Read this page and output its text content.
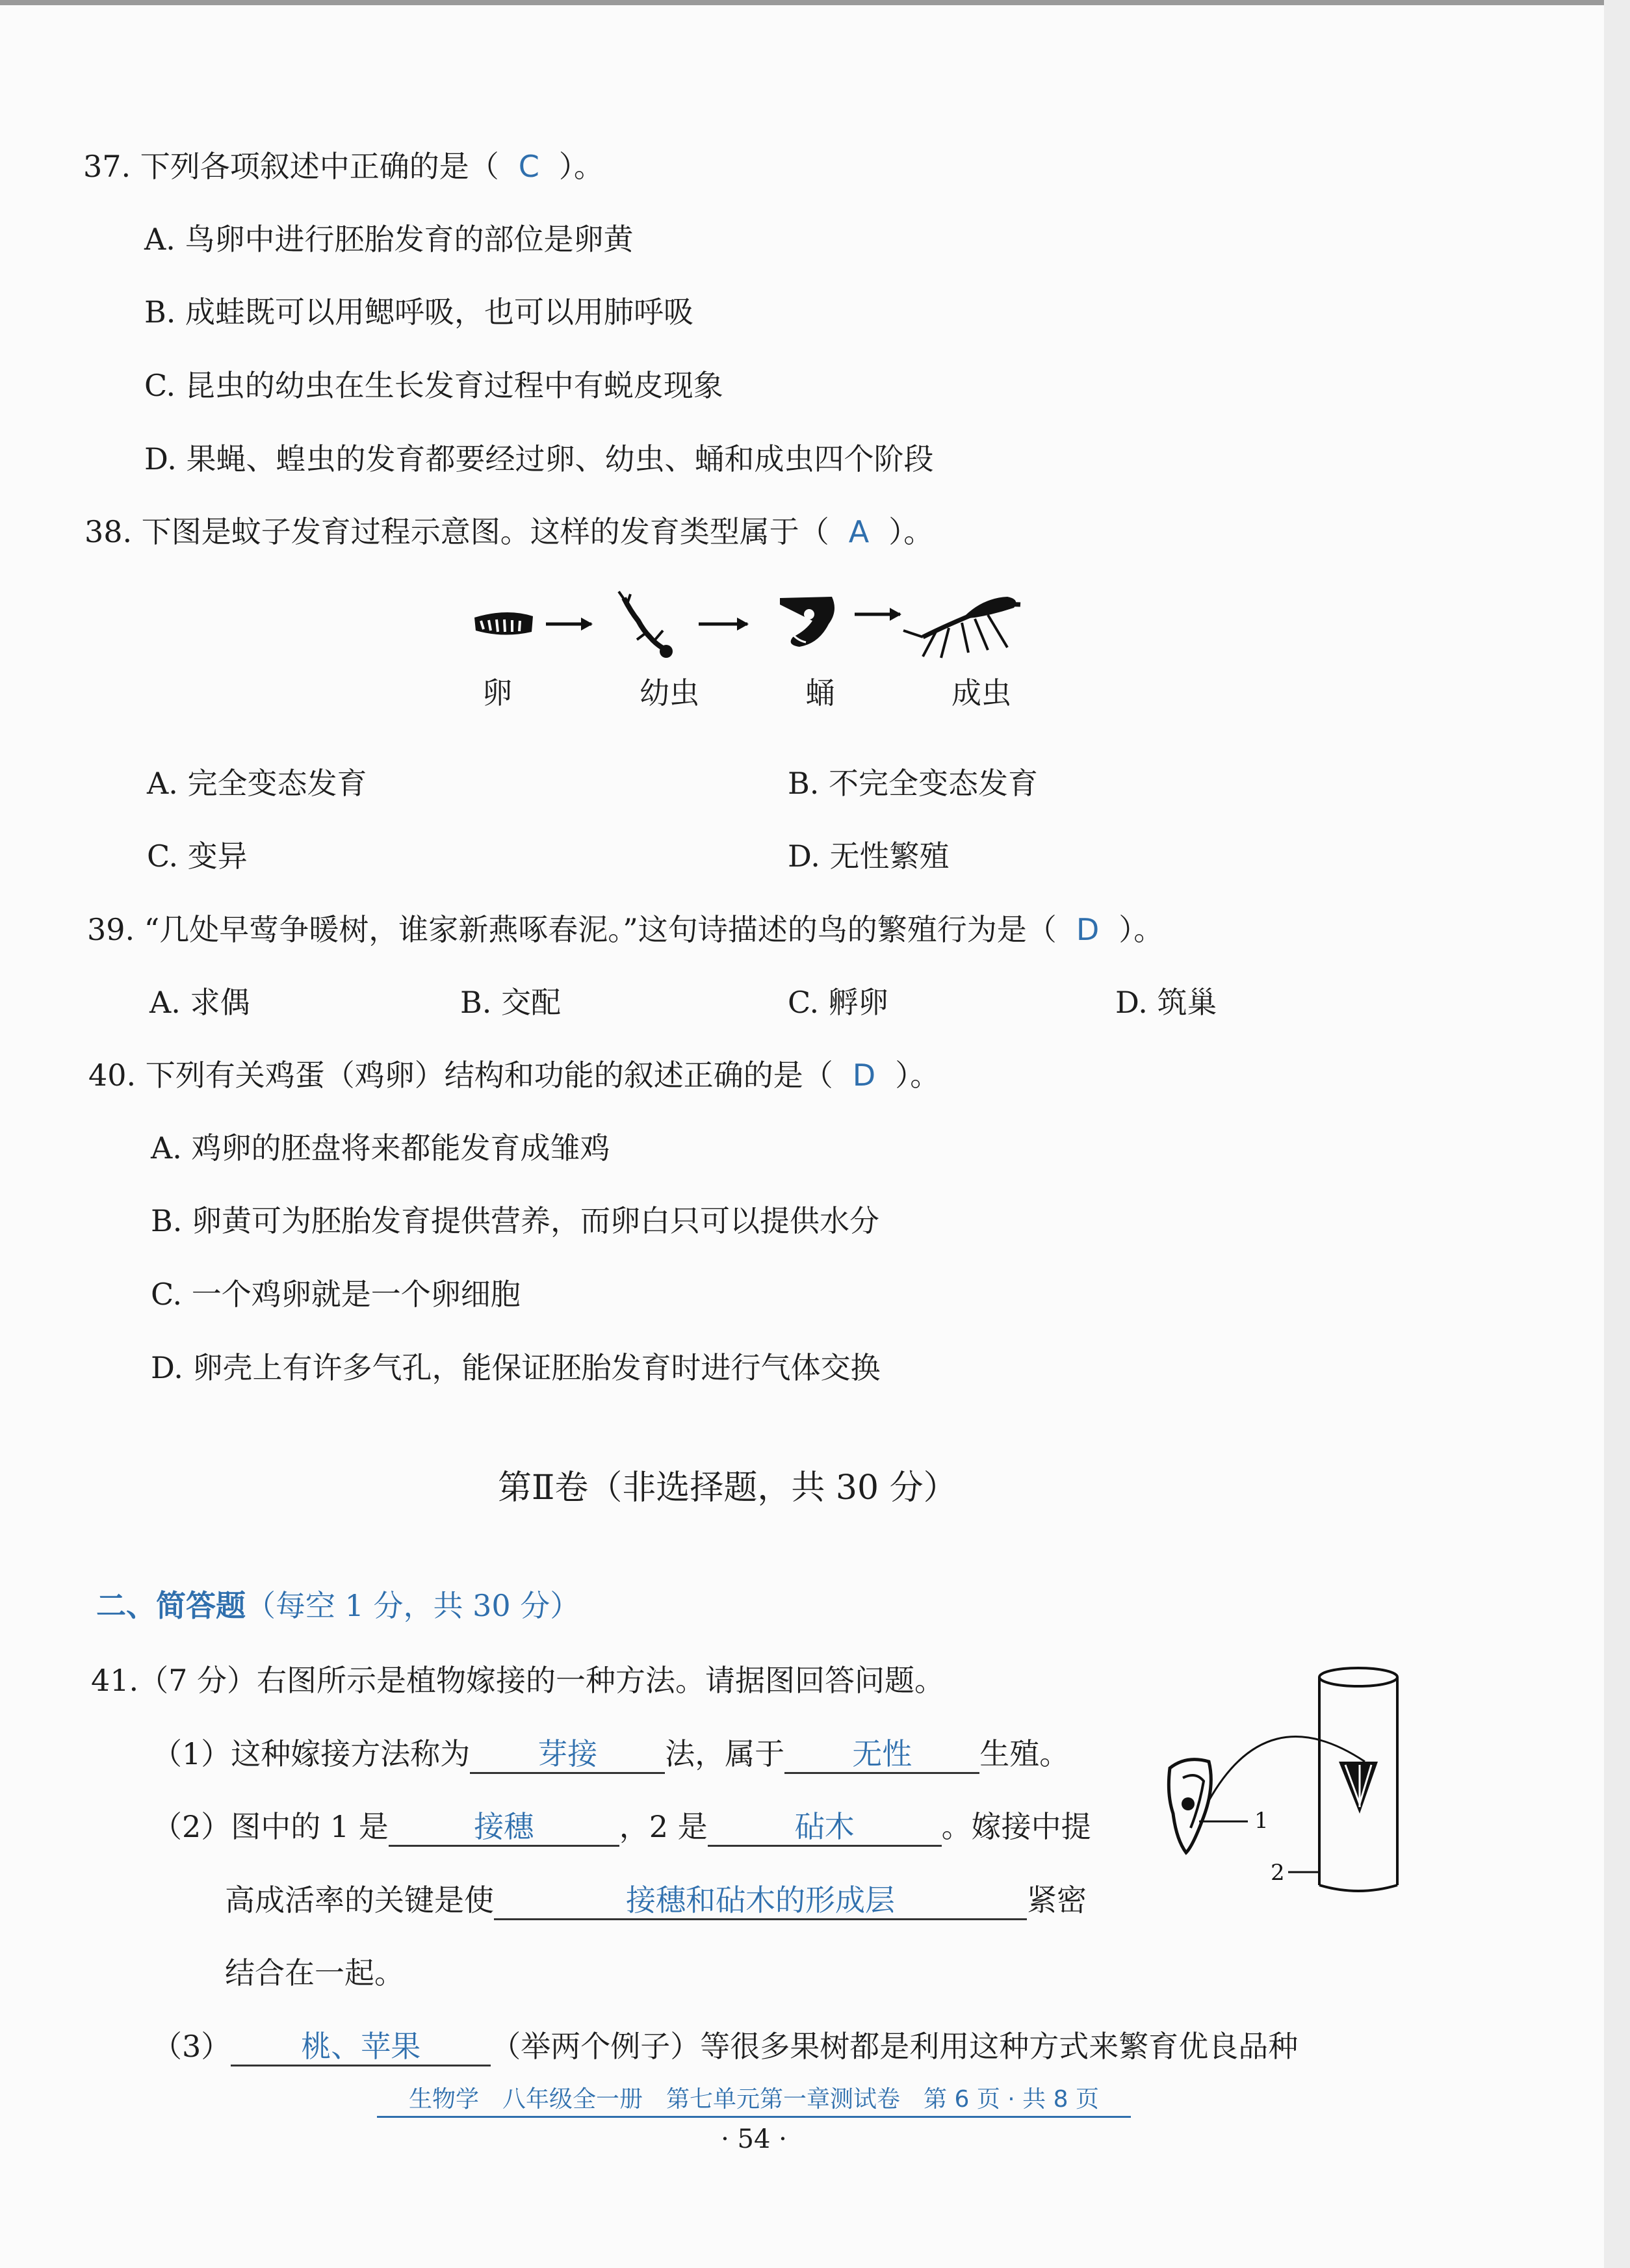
37. 下列各项叙述中正确的是（ C ）。
A. 鸟卵中进行胚胎发育的部位是卵黄
B. 成蛙既可以用鳃呼吸，也可以用肺呼吸
C. 昆虫的幼虫在生长发育过程中有蜕皮现象
D. 果蝇、蝗虫的发育都要经过卵、幼虫、蛹和成虫四个阶段
38. 下图是蚊子发育过程示意图。这样的发育类型属于（ A ）。
卵	幼虫	蛹	成虫
A. 完全变态发育	B. 不完全变态发育
C. 变异	D. 无性繁殖
39. “几处早莺争暖树，谁家新燕啄春泥。”这句诗描述的鸟的繁殖行为是（ D ）。
A. 求偶	B. 交配	C. 孵卵	D. 筑巢
40. 下列有关鸡蛋（鸡卵）结构和功能的叙述正确的是（ D ）。
A. 鸡卵的胚盘将来都能发育成雏鸡
B. 卵黄可为胚胎发育提供营养，而卵白只可以提供水分
C. 一个鸡卵就是一个卵细胞
D. 卵壳上有许多气孔，能保证胚胎发育时进行气体交换
第Ⅱ卷（非选择题，共 30 分）
二、简答题（每空 1 分，共 30 分）
41.（7 分）右图所示是植物嫁接的一种方法。请据图回答问题。
（1）这种嫁接方法称为 芽接 法，属于 无性 生殖。
（2）图中的 1 是	接穗	，2 是	砧木	。嫁接中提
高成活率的关键是使	接穗和砧木的形成层	紧密
结合在一起。
（3） 桃、苹果 （举两个例子）等很多果树都是利用这种方式来繁育优良品种
1
2
生物学　八年级全一册　第七单元第一章测试卷　第 6 页 · 共 8 页
· 54 ·
